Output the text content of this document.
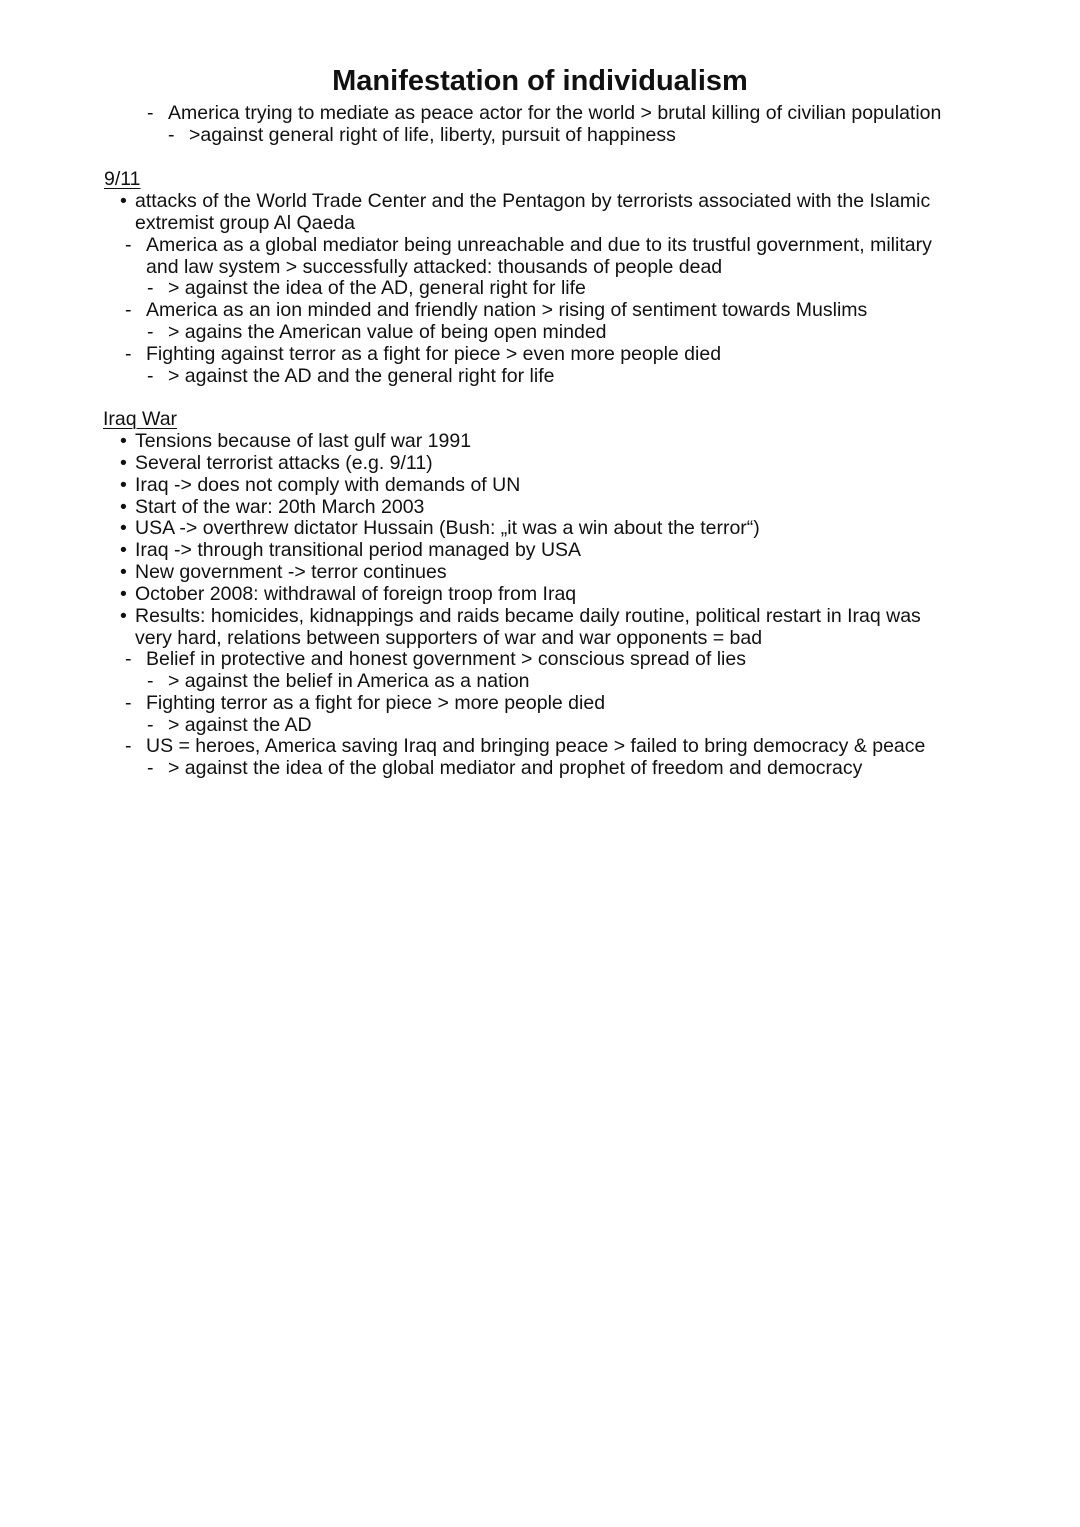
Manifestation of individualism
- America trying to mediate as peace actor for the world > brutal killing of civilian population
- >against general right of life, liberty, pursuit of happiness
9/11
• attacks of the World Trade Center and the Pentagon by terrorists associated with the Islamic
extremist group Al Qaeda
- America as a global mediator being unreachable and due to its trustful government, military
and law system > successfully attacked: thousands of people dead
- > against the idea of the AD, general right for life
- America as an ion minded and friendly nation > rising of sentiment towards Muslims
- > agains the American value of being open minded
- Fighting against terror as a fight for piece > even more people died
- > against the AD and the general right for life
Iraq War
• Tensions because of last gulf war 1991
• Several terrorist attacks (e.g. 9/11)
• Iraq -> does not comply with demands of UN
• Start of the war: 20th March 2003
• USA -> overthrew dictator Hussain (Bush: „it was a win about the terror“)
• Iraq -> through transitional period managed by USA
• New government -> terror continues
• October 2008: withdrawal of foreign troop from Iraq
• Results: homicides, kidnappings and raids became daily routine, political restart in Iraq was
very hard, relations between supporters of war and war opponents = bad
- Belief in protective and honest government > conscious spread of lies
- > against the belief in America as a nation
- Fighting terror as a fight for piece > more people died
- > against the AD
- US = heroes, America saving Iraq and bringing peace > failed to bring democracy & peace
- > against the idea of the global mediator and prophet of freedom and democracy
